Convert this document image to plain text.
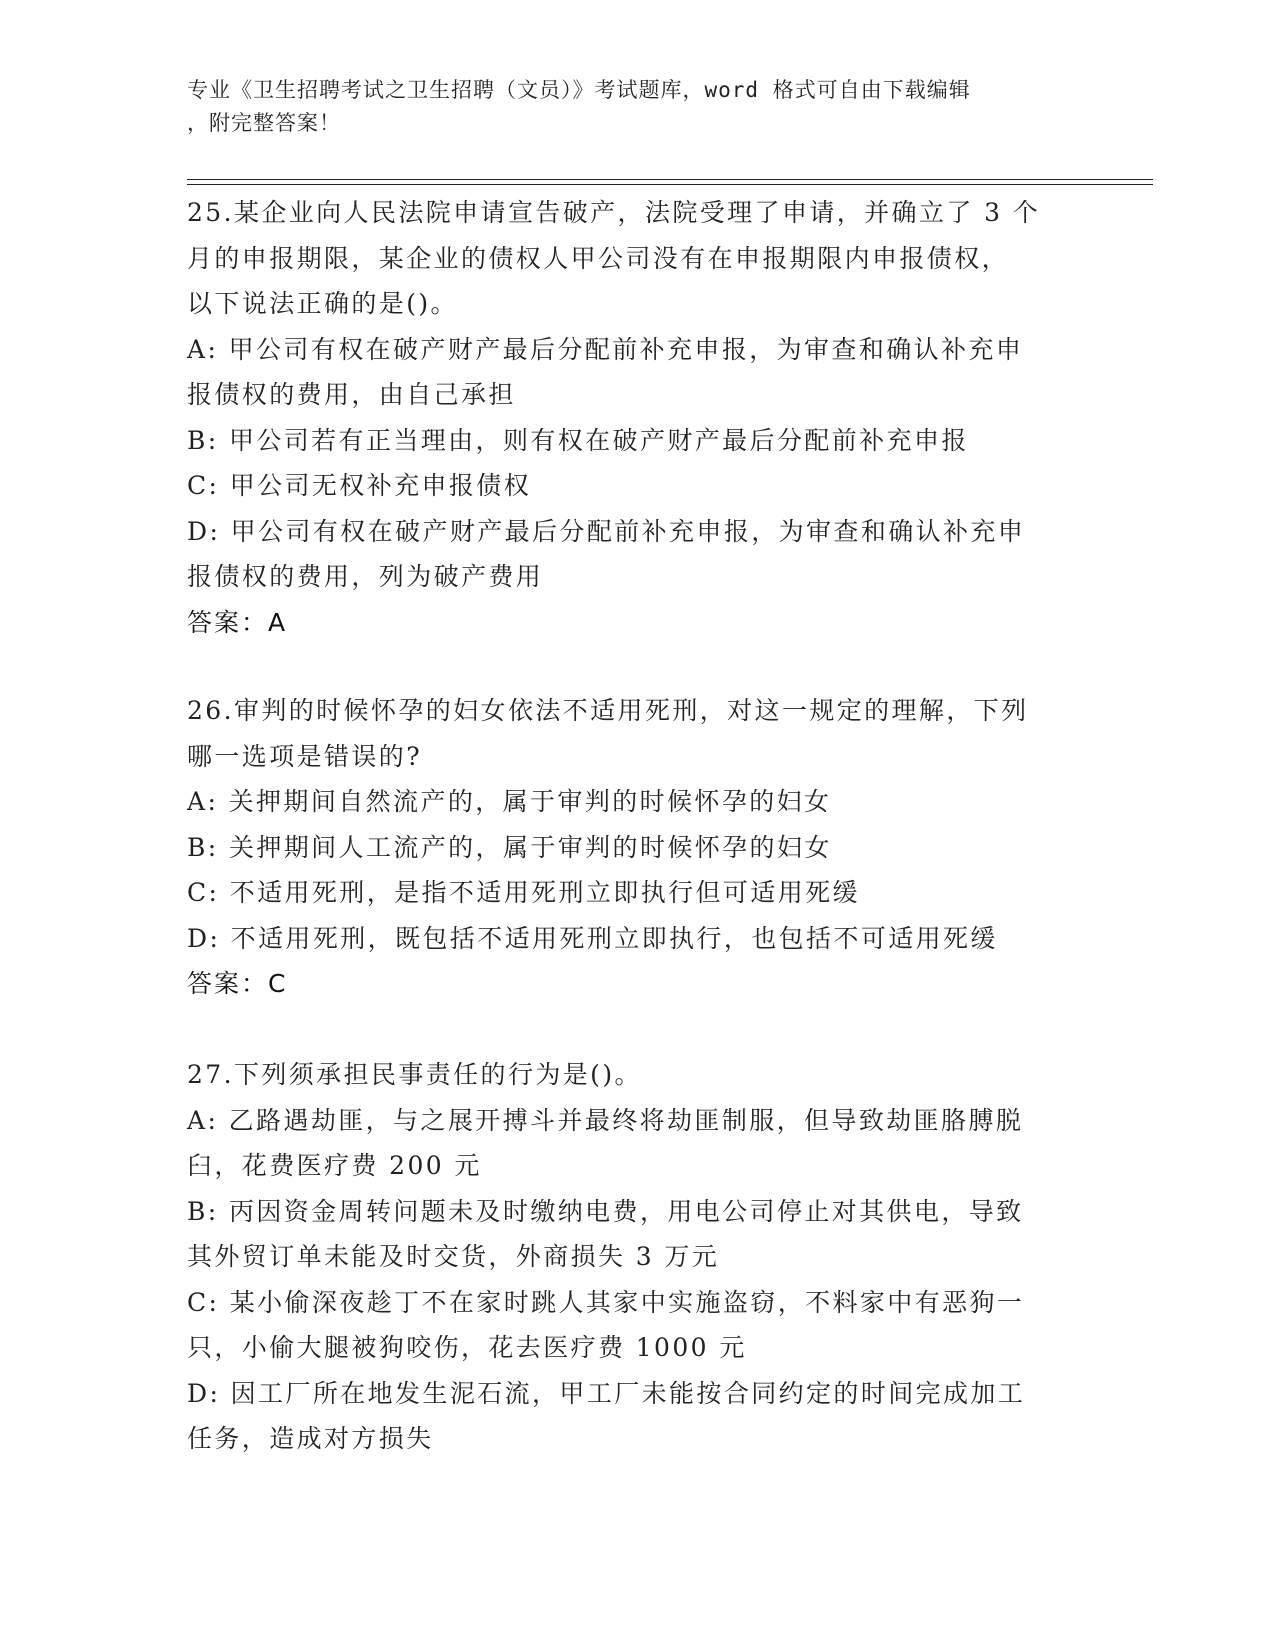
专业《卫生招聘考试之卫生招聘（文员）》考试题库，word 格式可自由下载编辑
，附完整答案！
25.某企业向人民法院申请宣告破产，法院受理了申请，并确立了 3 个
月的申报期限，某企业的债权人甲公司没有在申报期限内申报债权，
以下说法正确的是()。
A: 甲公司有权在破产财产最后分配前补充申报，为审查和确认补充申
报债权的费用，由自己承担
B: 甲公司若有正当理由，则有权在破产财产最后分配前补充申报
C: 甲公司无权补充申报债权
D: 甲公司有权在破产财产最后分配前补充申报，为审查和确认补充申
报债权的费用，列为破产费用
答案：A
26.审判的时候怀孕的妇女依法不适用死刑，对这一规定的理解，下列
哪一选项是错误的?
A: 关押期间自然流产的，属于审判的时候怀孕的妇女
B: 关押期间人工流产的，属于审判的时候怀孕的妇女
C: 不适用死刑，是指不适用死刑立即执行但可适用死缓
D: 不适用死刑，既包括不适用死刑立即执行，也包括不可适用死缓
答案：C
27.下列须承担民事责任的行为是()。
A: 乙路遇劫匪，与之展开搏斗并最终将劫匪制服，但导致劫匪胳膊脱
臼，花费医疗费 200 元
B: 丙因资金周转问题未及时缴纳电费，用电公司停止对其供电，导致
其外贸订单未能及时交货，外商损失 3 万元
C: 某小偷深夜趁丁不在家时跳人其家中实施盗窃，不料家中有恶狗一
只，小偷大腿被狗咬伤，花去医疗费 1000 元
D: 因工厂所在地发生泥石流，甲工厂未能按合同约定的时间完成加工
任务，造成对方损失
